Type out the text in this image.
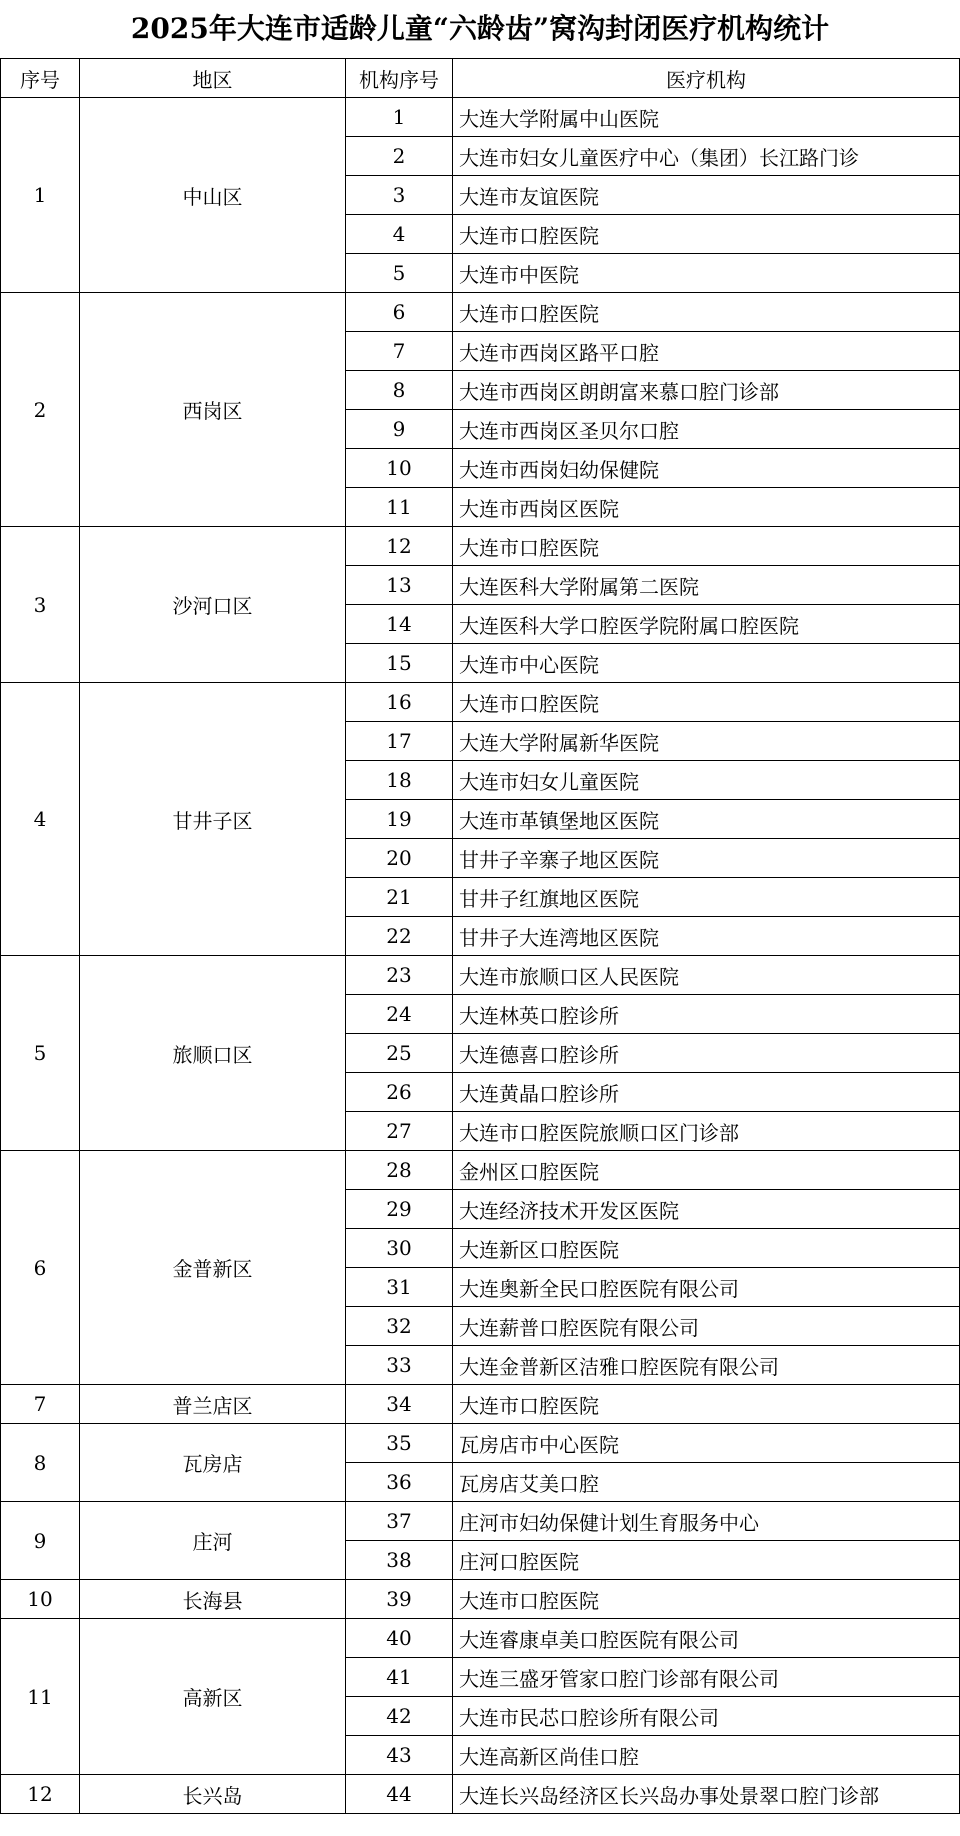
2025年大连市适龄儿童“六龄齿”窝沟封闭医疗机构统计
序号	地区	机构序号	医疗机构
1	中山区	1	大连大学附属中山医院
		2	大连市妇女儿童医疗中心（集团）长江路门诊
		3	大连市友谊医院
		4	大连市口腔医院
		5	大连市中医院
2	西岗区	6	大连市口腔医院
		7	大连市西岗区路平口腔
		8	大连市西岗区朗朗富来慕口腔门诊部
		9	大连市西岗区圣贝尔口腔
		10	大连市西岗妇幼保健院
		11	大连市西岗区医院
3	沙河口区	12	大连市口腔医院
		13	大连医科大学附属第二医院
		14	大连医科大学口腔医学院附属口腔医院
		15	大连市中心医院
4	甘井子区	16	大连市口腔医院
		17	大连大学附属新华医院
		18	大连市妇女儿童医院
		19	大连市革镇堡地区医院
		20	甘井子辛寨子地区医院
		21	甘井子红旗地区医院
		22	甘井子大连湾地区医院
5	旅顺口区	23	大连市旅顺口区人民医院
		24	大连林英口腔诊所
		25	大连德喜口腔诊所
		26	大连黄晶口腔诊所
		27	大连市口腔医院旅顺口区门诊部
6	金普新区	28	金州区口腔医院
		29	大连经济技术开发区医院
		30	大连新区口腔医院
		31	大连奥新全民口腔医院有限公司
		32	大连薪普口腔医院有限公司
		33	大连金普新区洁雅口腔医院有限公司
7	普兰店区	34	大连市口腔医院
8	瓦房店	35	瓦房店市中心医院
		36	瓦房店艾美口腔
9	庄河	37	庄河市妇幼保健计划生育服务中心
		38	庄河口腔医院
10	长海县	39	大连市口腔医院
11	高新区	40	大连睿康卓美口腔医院有限公司
		41	大连三盛牙管家口腔门诊部有限公司
		42	大连市民芯口腔诊所有限公司
		43	大连高新区尚佳口腔
12	长兴岛	44	大连长兴岛经济区长兴岛办事处景翠口腔门诊部
